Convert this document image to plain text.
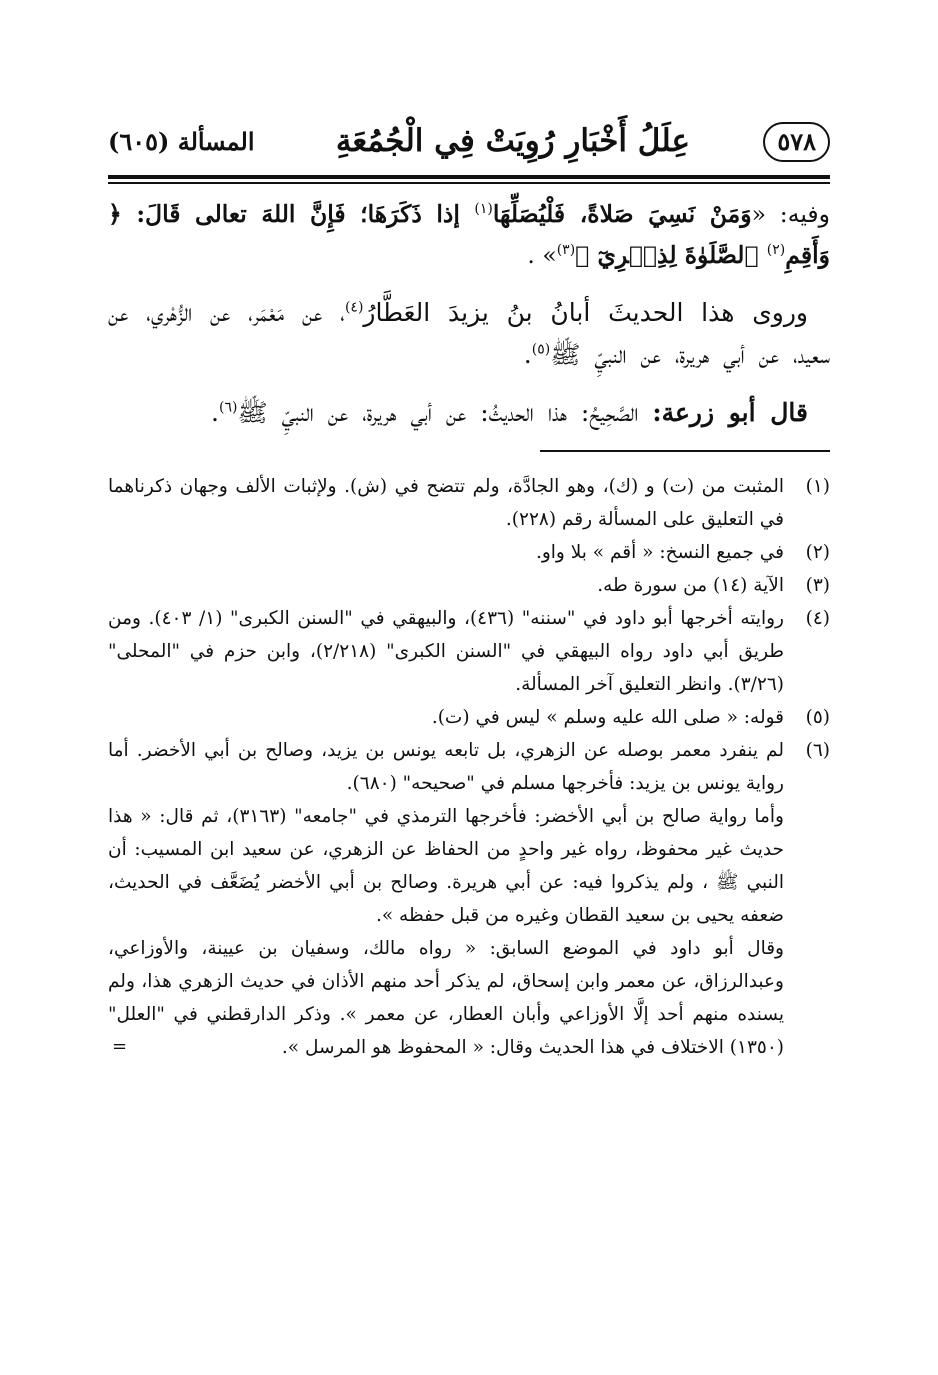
٥٧٨
عِلَلُ أَخْبَارِ رُوِيَتْ فِي الْجُمُعَةِ
المسألة (٦٠٥)

وفيه: «وَمَنْ نَسِيَ صَلاةً، فَلْيُصَلِّهَا$^{(١)}$ إذا ذَكَرَهَا؛ فَإِنَّ اللهَ تعالى قَالَ: ﴿ وَأَقِمِ$^{(٢)}$ ٱلصَّلَوٰةَ لِذِكۡرِيٓ ﴾$^{(٣)}$» .

وروى هذا الحديثَ أبانُ بنُ يزيدَ العَطَّارُ$^{(٤)}$، عن مَعْمَر، عن الزُّهْري، عن سعيد، عن أبي هريرة، عن النبيِّ ﷺ$^{(٥)}$.

قال أبو زرعة: الصَّحِيحُ: هذا الحديثُ: عن أبي هريرة، عن النبيِّ ﷺ$^{(٦)}$.

(١)
المثبت من (ت) و (ك)، وهو الجادَّة، ولم تتضح في (ش). ولإثبات الألف وجهان ذكرناهما في التعليق على المسألة رقم (٢٢٨).
(٢)
في جميع النسخ: « أقم » بلا واو.
(٣)
الآية (١٤) من سورة طه.
(٤)
روايته أخرجها أبو داود في "سننه" (٤٣٦)، والبيهقي في "السنن الكبرى" (١/ ٤٠٣). ومن طريق أبي داود رواه البيهقي في "السنن الكبرى" (٢/٢١٨)، وابن حزم في "المحلى" (٣/٢٦). وانظر التعليق آخر المسألة.
(٥)
قوله: « صلى الله عليه وسلم » ليس في (ت).
(٦)
لم ينفرد معمر بوصله عن الزهري، بل تابعه يونس بن يزيد، وصالح بن أبي الأخضر. أما رواية يونس بن يزيد: فأخرجها مسلم في "صحيحه" (٦٨٠).
وأما رواية صالح بن أبي الأخضر: فأخرجها الترمذي في "جامعه" (٣١٦٣)، ثم قال: « هذا حديث غير محفوظ، رواه غير واحدٍ من الحفاظ عن الزهري، عن سعيد ابن المسيب: أن النبي ﷺ ، ولم يذكروا فيه: عن أبي هريرة. وصالح بن أبي الأخضر يُضَعَّف في الحديث، ضعفه يحيى بن سعيد القطان وغيره من قبل حفظه ».
وقال أبو داود في الموضع السابق: « رواه مالك، وسفيان بن عيينة، والأوزاعي، وعبدالرزاق، عن معمر وابن إسحاق، لم يذكر أحد منهم الأذان في حديث الزهري هذا، ولم يسنده منهم أحد إلَّا الأوزاعي وأبان العطار، عن معمر ». وذكر الدارقطني في "العلل" (١٣٥٠) الاختلاف في هذا الحديث وقال: « المحفوظ هو المرسل ».
=
